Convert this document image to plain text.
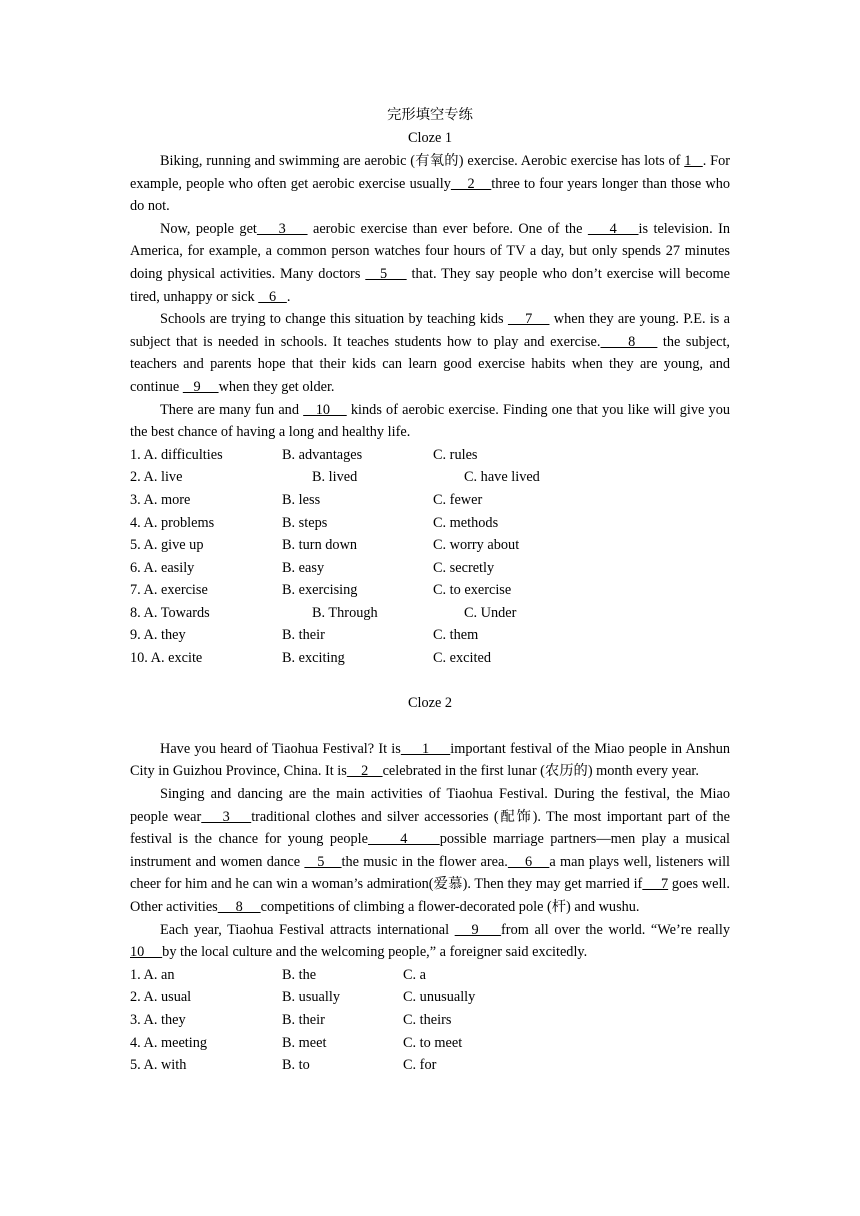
完形填空专练
Cloze 1

Biking, running and swimming are aerobic (有氧的) exercise. Aerobic exercise has lots of 1   . For example, people who often get aerobic exercise usually    2    three to four years longer than those who do not.

Now, people get    3     aerobic exercise than ever before. One of the     4    is television. In America, for example, a common person watches four hours of TV a day, but only spends 27 minutes doing physical activities. Many doctors    5     that. They say people who don’t exercise will become tired, unhappy or sick    6   .

Schools are trying to change this situation by teaching kids     7     when they are young. P.E. is a subject that is needed in schools. It teaches students how to play and exercise.     8     the subject, teachers and parents hope that their kids can learn good exercise habits when they are young, and continue    9     when they get older.

There are many fun and    10     kinds of aerobic exercise. Finding one that you like will give you the best chance of having a long and healthy life.

1. A. difficulties	B. advantages	C. rules
2. A. live	B. lived	C. have lived
3. A. more	B. less	C. fewer
4. A. problems	B. steps	C. methods
5. A. give up	B. turn down	C. worry about
6. A. easily	B. easy	C. secretly
7. A. exercise	B. exercising	C. to exercise
8. A. Towards	B. Through	C. Under
9. A. they	B. their	C. them
10. A. excite	B. exciting	C. excited
Cloze 2

Have you heard of Tiaohua Festival? It is     1     important festival of the Miao people in Anshun City in Guizhou Province, China. It is    2    celebrated in the first lunar (农历的) month every year.

Singing and dancing are the main activities of Tiaohua Festival. During the festival, the Miao people wear    3    traditional clothes and silver accessories (配饰). The most important part of the festival is the chance for young people     4     possible marriage partners—men play a musical instrument and women dance    5    the music in the flower area.    6    a man plays well, listeners will cheer for him and he can win a woman’s admiration(爱慕). Then they may get married if     7 goes well. Other activities     8     competitions of climbing a flower-decorated pole (杆) and wushu.

Each year, Tiaohua Festival attracts international    9    from all over the world. “We’re really 10     by the local culture and the welcoming people,” a foreigner said excitedly.

1. A. an	B. the	C. a
2. A. usual	B. usually	C. unusually
3. A. they	B. their	C. theirs
4. A. meeting	B. meet	C. to meet
5. A. with	B. to	C. for
